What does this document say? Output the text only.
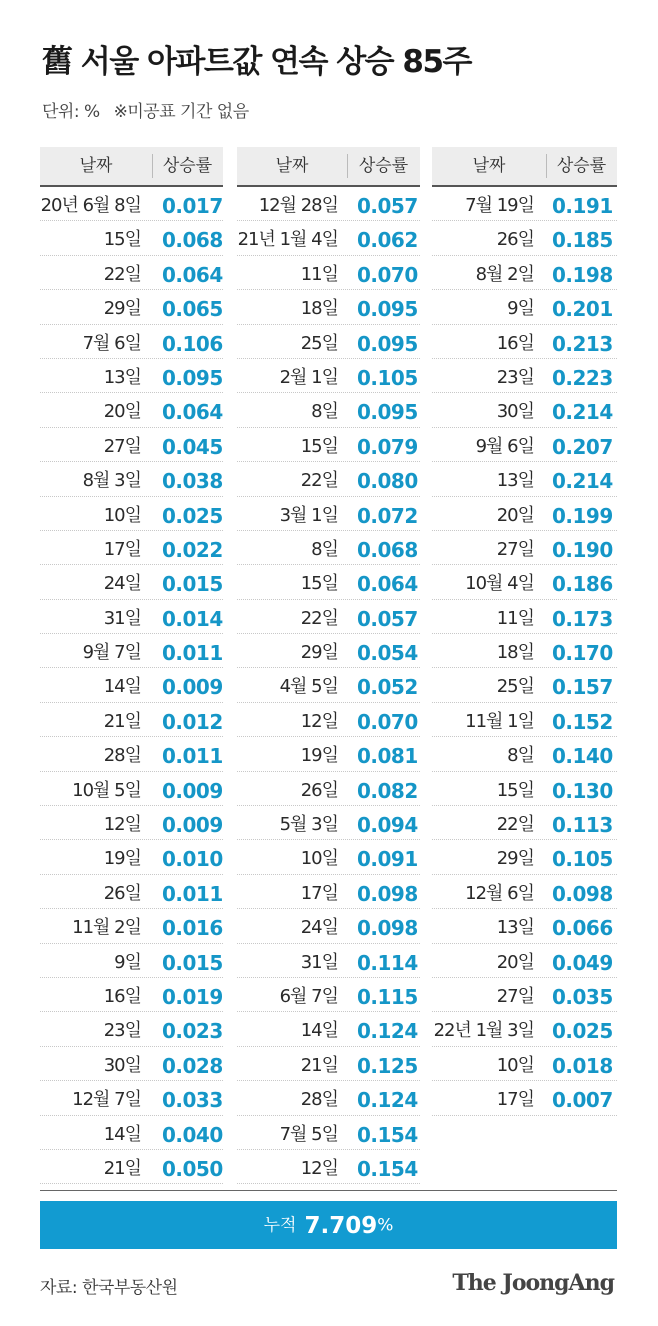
舊 서울 아파트값 연속 상승 85주
단위: % ※미공표 기간 없음
날짜	상승률
20년 6월 8일 0.017
15일 0.068
22일 0.064
29일 0.065
7월 6일 0.106
13일 0.095
20일 0.064
27일 0.045
8월 3일 0.038
10일 0.025
17일 0.022
24일 0.015
31일 0.014
9월 7일 0.011
14일 0.009
21일 0.012
28일 0.011
10월 5일 0.009
12일 0.009
19일 0.010
26일 0.011
11월 2일 0.016
9일 0.015
16일 0.019
23일 0.023
30일 0.028
12월 7일 0.033
14일 0.040
21일 0.050
날짜	상승률
12월 28일 0.057
21년 1월 4일 0.062
11일 0.070
18일 0.095
25일 0.095
2월 1일 0.105
8일 0.095
15일 0.079
22일 0.080
3월 1일 0.072
8일 0.068
15일 0.064
22일 0.057
29일 0.054
4월 5일 0.052
12일 0.070
19일 0.081
26일 0.082
5월 3일 0.094
10일 0.091
17일 0.098
24일 0.098
31일 0.114
6월 7일 0.115
14일 0.124
21일 0.125
28일 0.124
7월 5일 0.154
12일 0.154
날짜	상승률
7월 19일 0.191
26일 0.185
8월 2일 0.198
9일 0.201
16일 0.213
23일 0.223
30일 0.214
9월 6일 0.207
13일 0.214
20일 0.199
27일 0.190
10월 4일 0.186
11일 0.173
18일 0.170
25일 0.157
11월 1일 0.152
8일 0.140
15일 0.130
22일 0.113
29일 0.105
12월 6일 0.098
13일 0.066
20일 0.049
27일 0.035
22년 1월 3일 0.025
10일 0.018
17일 0.007
누적 7.709%
자료: 한국부동산원	The JoongAng
